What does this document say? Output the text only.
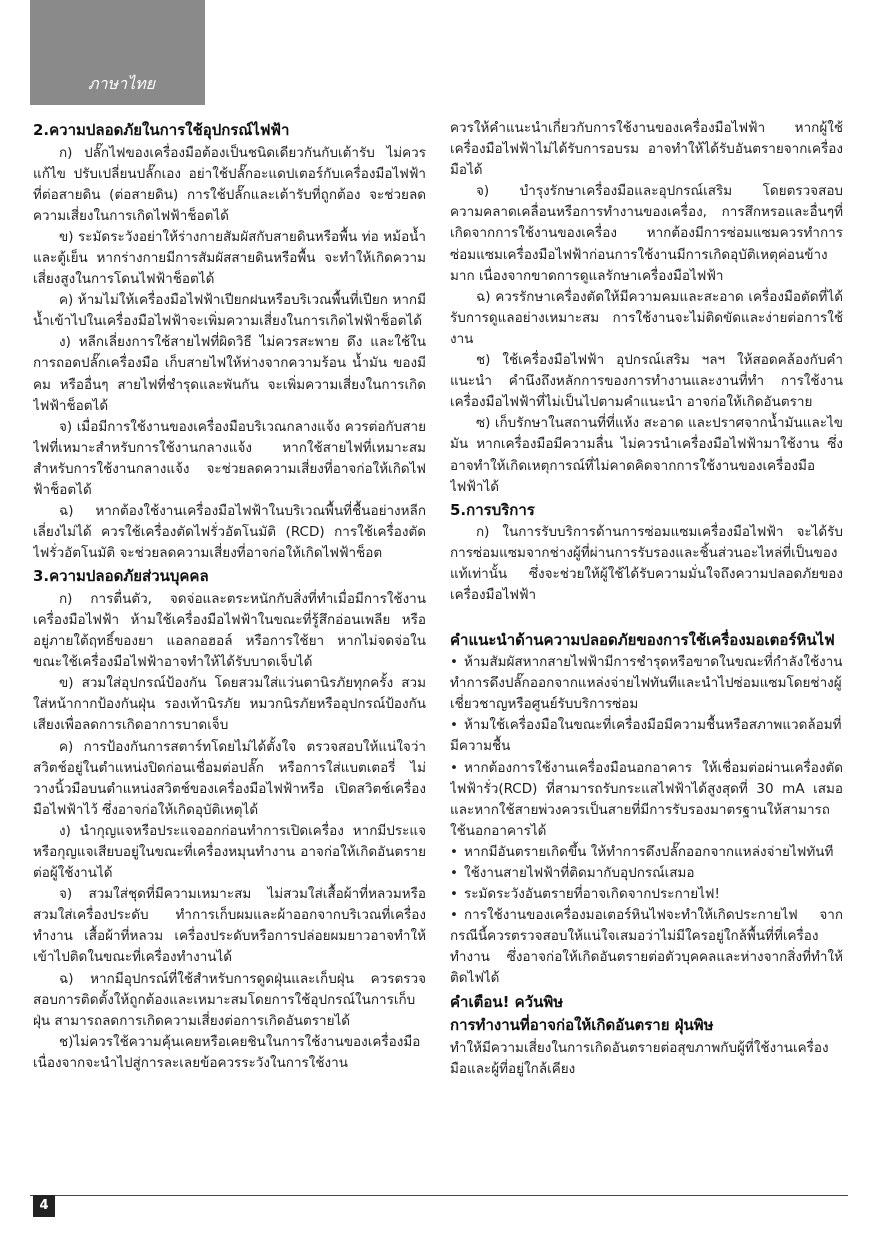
ภาษาไทย
2.ความปลอดภัยในการใช้อุปกรณ์ไฟฟ้า

ก) ปลั๊กไฟของเครื่องมือต้องเป็นชนิดเดียวกันกับเต้ารับ ไม่ควรแก้ไข ปรับเปลี่ยนปลั๊กเอง อย่าใช้ปลั๊กอะแดปเตอร์กับเครื่องมือไฟฟ้าที่ต่อสายดิน (ต่อสายดิน) การใช้ปลั๊กและเต้ารับที่ถูกต้อง จะช่วยลดความเสี่ยงในการเกิดไฟฟ้าช็อตได้

ข) ระมัดระวังอย่าให้ร่างกายสัมผัสกับสายดินหรือพื้น ท่อ หม้อน้ำ และตู้เย็น หากร่างกายมีการสัมผัสสายดินหรือพื้น จะทำให้เกิดความเสี่ยงสูงในการโดนไฟฟ้าช็อตได้

ค) ห้ามไม่ให้เครื่องมือไฟฟ้าเปียกฝนหรือบริเวณพื้นที่เปียก หากมีน้ำเข้าไปในเครื่องมือไฟฟ้าจะเพิ่มความเสี่ยงในการเกิดไฟฟ้าช็อตได้

ง) หลีกเลี่ยงการใช้สายไฟที่ผิดวิธี ไม่ควรสะพาย ดึง และใช้ในการถอดปลั๊กเครื่องมือ เก็บสายไฟให้ห่างจากความร้อน น้ำมัน ของมีคม หรืออื่นๆ สายไฟที่ชำรุดและพันกัน จะเพิ่มความเสี่ยงในการเกิดไฟฟ้าช็อตได้

จ) เมื่อมีการใช้งานของเครื่องมือบริเวณกลางแจ้ง ควรต่อกับสายไฟที่เหมาะสำหรับการใช้งานกลางแจ้ง หากใช้สายไฟที่เหมาะสมสำหรับการใช้งานกลางแจ้ง จะช่วยลดความเสี่ยงที่อาจก่อให้เกิดไฟฟ้าช็อตได้

ฉ) หากต้องใช้งานเครื่องมือไฟฟ้าในบริเวณพื้นที่ชื้นอย่างหลีกเลี่ยงไม่ได้ ควรใช้เครื่องตัดไฟรั่วอัตโนมัติ (RCD) การใช้เครื่องตัดไฟรั่วอัตโนมัติ จะช่วยลดความเสี่ยงที่อาจก่อให้เกิดไฟฟ้าช็อต

3.ความปลอดภัยส่วนบุคคล

ก) การตื่นตัว, จดจ่อและตระหนักกับสิ่งที่ทำเมื่อมีการใช้งานเครื่องมือไฟฟ้า ห้ามใช้เครื่องมือไฟฟ้าในขณะที่รู้สึกอ่อนเพลีย หรืออยู่ภายใต้ฤทธิ์ของยา แอลกอฮอล์ หรือการใช้ยา หากไม่จดจ่อในขณะใช้เครื่องมือไฟฟ้าอาจทำให้ได้รับบาดเจ็บได้

ข) สวมใส่อุปกรณ์ป้องกัน โดยสวมใส่แว่นตานิรภัยทุกครั้ง สวมใส่หน้ากากป้องกันฝุ่น รองเท้านิรภัย หมวกนิรภัยหรืออุปกรณ์ป้องกันเสียงเพื่อลดการเกิดอาการบาดเจ็บ

ค) การป้องกันการสตาร์ทโดยไม่ได้ตั้งใจ ตรวจสอบให้แน่ใจว่าสวิตช์อยู่ในตำแหน่งปิดก่อนเชื่อมต่อปลั๊ก หรือการใส่แบตเตอรี่ ไม่วางนิ้วมือบนตำแหน่งสวิตช์ของเครื่องมือไฟฟ้าหรือ เปิดสวิตช์เครื่องมือไฟฟ้าไว้ ซึ่งอาจก่อให้เกิดอุบัติเหตุได้

ง) นำกุญแจหรือประแจออกก่อนทำการเปิดเครื่อง หากมีประแจหรือกุญแจเสียบอยู่ในขณะที่เครื่องหมุนทำงาน อาจก่อให้เกิดอันตรายต่อผู้ใช้งานได้

จ) สวมใส่ชุดที่มีความเหมาะสม ไม่สวมใส่เสื้อผ้าที่หลวมหรือสวมใส่เครื่องประดับ ทำการเก็บผมและผ้าออกจากบริเวณที่เครื่องทำงาน เสื้อผ้าที่หลวม เครื่องประดับหรือการปล่อยผมยาวอาจทำให้เข้าไปติดในขณะที่เครื่องทำงานได้

ฉ) หากมีอุปกรณ์ที่ใช้สำหรับการดูดฝุ่นและเก็บฝุ่น ควรตรวจสอบการติดตั้งให้ถูกต้องและเหมาะสมโดยการใช้อุปกรณ์ในการเก็บฝุ่น สามารถลดการเกิดความเสี่ยงต่อการเกิดอันตรายได้

ช)ไม่ควรใช้ความคุ้นเคยหรือเคยชินในการใช้งานของเครื่องมือ เนื่องจากจะนำไปสู่การละเลยข้อควรระวังในการใช้งาน

ควรให้คำแนะนำเกี่ยวกับการใช้งานของเครื่องมือไฟฟ้า หากผู้ใช้เครื่องมือไฟฟ้าไม่ได้รับการอบรม อาจทำให้ได้รับอันตรายจากเครื่องมือได้

จ) บำรุงรักษาเครื่องมือและอุปกรณ์เสริม โดยตรวจสอบความคลาดเคลื่อนหรือการทำงานของเครื่อง, การสึกหรอและอื่นๆที่เกิดจากการใช้งานของเครื่อง หากต้องมีการซ่อมแซมควรทำการซ่อมแซมเครื่องมือไฟฟ้าก่อนการใช้งานมีการเกิดอุบัติเหตุค่อนข้างมาก เนื่องจากขาดการดูแลรักษาเครื่องมือไฟฟ้า

ฉ) ควรรักษาเครื่องตัดให้มีความคมและสะอาด เครื่องมือตัดที่ได้รับการดูแลอย่างเหมาะสม การใช้งานจะไม่ติดขัดและง่ายต่อการใช้งาน

ช) ใช้เครื่องมือไฟฟ้า อุปกรณ์เสริม ฯลฯ ให้สอดคล้องกับคำแนะนำ คำนึงถึงหลักการของการทำงานและงานที่ทำ การใช้งานเครื่องมือไฟฟ้าที่ไม่เป็นไปตามคำแนะนำ อาจก่อให้เกิดอันตราย

ซ) เก็บรักษาในสถานที่ที่แห้ง สะอาด และปราศจากน้ำมันและไขมัน หากเครื่องมือมีความลื่น ไม่ควรนำเครื่องมือไฟฟ้ามาใช้งาน ซึ่งอาจทำให้เกิดเหตุการณ์ที่ไม่คาดคิดจากการใช้งานของเครื่องมือไฟฟ้าได้

5.การบริการ

ก) ในการรับบริการด้านการซ่อมแซมเครื่องมือไฟฟ้า จะได้รับการซ่อมแซมจากช่างผู้ที่ผ่านการรับรองและชิ้นส่วนอะไหล่ที่เป็นของแท้เท่านั้น ซึ่งจะช่วยให้ผู้ใช้ได้รับความมั่นใจถึงความปลอดภัยของเครื่องมือไฟฟ้า

คำแนะนำด้านความปลอดภัยของการใช้เครื่องมอเตอร์หินไฟ

• ห้ามสัมผัสหากสายไฟฟ้ามีการชำรุดหรือขาดในขณะที่กำลังใช้งาน ทำการดึงปลั๊กออกจากแหล่งจ่ายไฟทันทีและนำไปซ่อมแซมโดยช่างผู้เชี่ยวชาญหรือศูนย์รับบริการซ่อม

• ห้ามใช้เครื่องมือในขณะที่เครื่องมือมีความชื้นหรือสภาพแวดล้อมที่มีความชื้น

• หากต้องการใช้งานเครื่องมือนอกอาคาร ให้เชื่อมต่อผ่านเครื่องตัดไฟฟ้ารั่ว(RCD) ที่สามารถรับกระแสไฟฟ้าได้สูงสุดที่ 30 mA เสมอ และหากใช้สายพ่วงควรเป็นสายที่มีการรับรองมาตรฐานให้สามารถใช้นอกอาคารได้

• หากมีอันตรายเกิดขึ้น ให้ทำการดึงปลั๊กออกจากแหล่งจ่ายไฟทันที

• ใช้งานสายไฟฟ้าที่ติดมากับอุปกรณ์เสมอ

• ระมัดระวังอันตรายที่อาจเกิดจากประกายไฟ!

• การใช้งานของเครื่องมอเตอร์หินไฟจะทำให้เกิดประกายไฟ จากกรณีนี้ควรตรวจสอบให้แน่ใจเสมอว่าไม่มีใครอยู่ใกล้พื้นที่ที่เครื่องทำงาน ซึ่งอาจก่อให้เกิดอันตรายต่อตัวบุคคลและห่างจากสิ่งที่ทำให้ติดไฟได้

คำเตือน! ควันพิษ
การทำงานที่อาจก่อให้เกิดอันตราย ฝุ่นพิษ

ทำให้มีความเสี่ยงในการเกิดอันตรายต่อสุขภาพกับผู้ที่ใช้งานเครื่องมือและผู้ที่อยู่ใกล้เคียง

4
